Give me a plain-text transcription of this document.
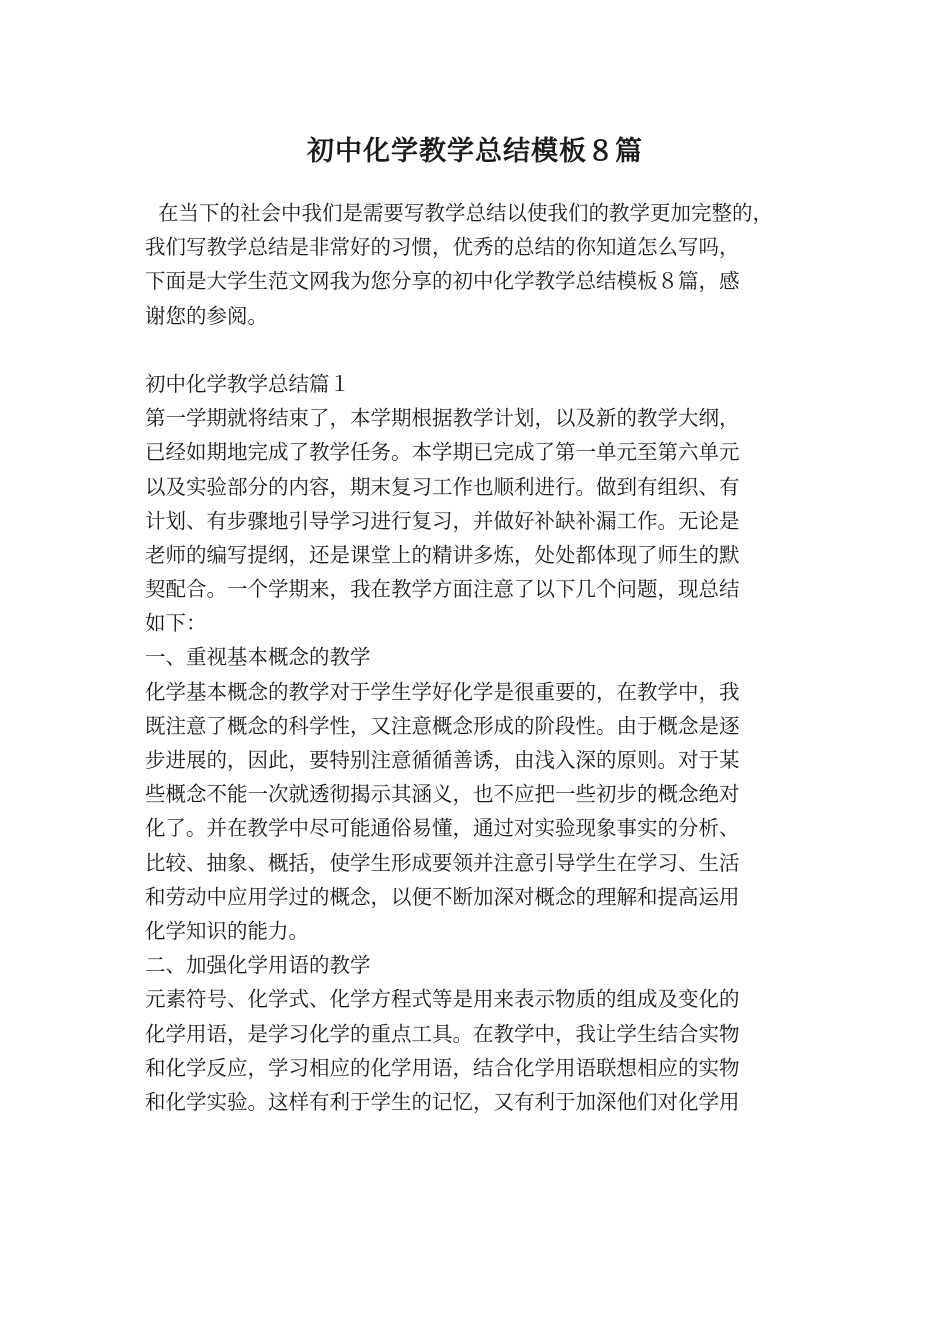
初中化学教学总结模板８篇

在当下的社会中我们是需要写教学总结以使我们的教学更加完整的，

我们写教学总结是非常好的习惯，优秀的总结的你知道怎么写吗，

下面是大学生范文网我为您分享的初中化学教学总结模板８篇，感

谢您的参阅。

初中化学教学总结篇１

第一学期就将结束了，本学期根据教学计划，以及新的教学大纲，

已经如期地完成了教学任务。本学期已完成了第一单元至第六单元

以及实验部分的内容，期末复习工作也顺利进行。做到有组织、有

计划、有步骤地引导学习进行复习，并做好补缺补漏工作。无论是

老师的编写提纲，还是课堂上的精讲多炼，处处都体现了师生的默

契配合。一个学期来，我在教学方面注意了以下几个问题，现总结

如下：

一、重视基本概念的教学

化学基本概念的教学对于学生学好化学是很重要的，在教学中，我

既注意了概念的科学性，又注意概念形成的阶段性。由于概念是逐

步进展的，因此，要特别注意循循善诱，由浅入深的原则。对于某

些概念不能一次就透彻揭示其涵义，也不应把一些初步的概念绝对

化了。并在教学中尽可能通俗易懂，通过对实验现象事实的分析、

比较、抽象、概括，使学生形成要领并注意引导学生在学习、生活

和劳动中应用学过的概念，以便不断加深对概念的理解和提高运用

化学知识的能力。

二、加强化学用语的教学

元素符号、化学式、化学方程式等是用来表示物质的组成及变化的

化学用语，是学习化学的重点工具。在教学中，我让学生结合实物

和化学反应，学习相应的化学用语，结合化学用语联想相应的实物

和化学实验。这样有利于学生的记忆，又有利于加深他们对化学用
